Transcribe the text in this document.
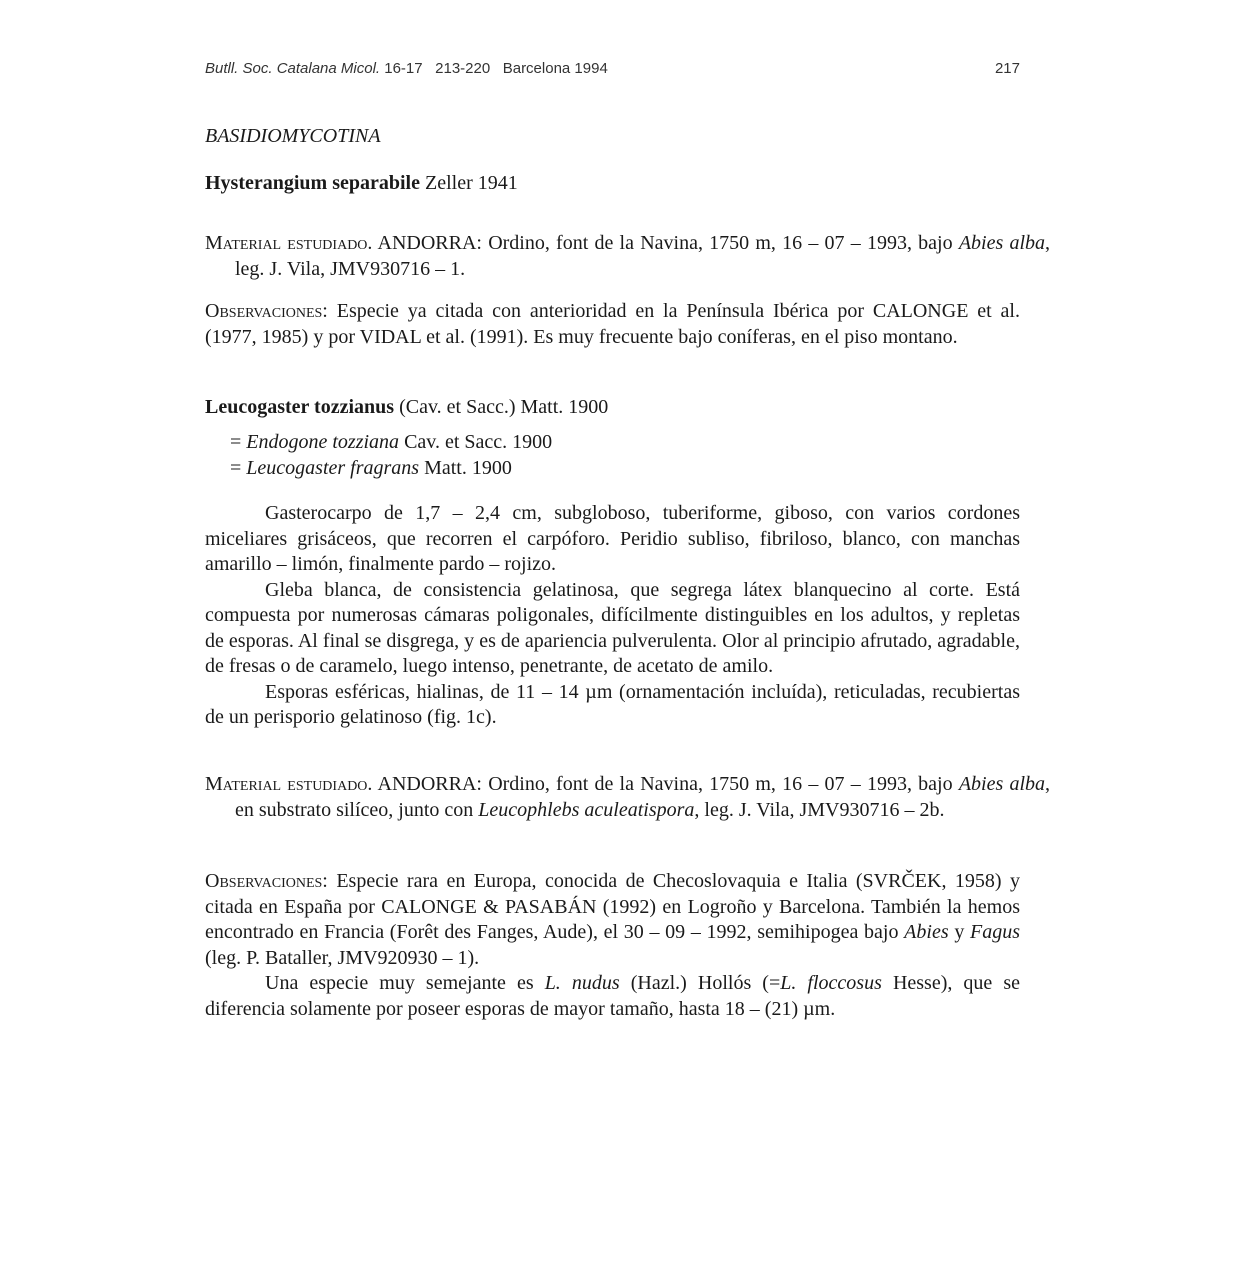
Butll. Soc. Catalana Micol. 16-17 213-220 Barcelona 1994	217
BASIDIOMYCOTINA
Hysterangium separabile Zeller 1941
Material estudiado. ANDORRA: Ordino, font de la Navina, 1750 m, 16 – 07 – 1993, bajo Abies alba, leg. J. Vila, JMV930716 – 1.
Observaciones: Especie ya citada con anterioridad en la Península Ibérica por CALONGE et al. (1977, 1985) y por VIDAL et al. (1991). Es muy frecuente bajo coníferas, en el piso montano.
Leucogaster tozzianus (Cav. et Sacc.) Matt. 1900
= Endogone tozziana Cav. et Sacc. 1900
= Leucogaster fragrans Matt. 1900

Gasterocarpo de 1,7 – 2,4 cm, subgloboso, tuberiforme, giboso, con varios cordones miceliares grisáceos, que recorren el carpóforo. Peridio subliso, fibriloso, blanco, con manchas amarillo – limón, finalmente pardo – rojizo.

Gleba blanca, de consistencia gelatinosa, que segrega látex blanquecino al corte. Está compuesta por numerosas cámaras poligonales, difícilmente distinguibles en los adultos, y repletas de esporas. Al final se disgrega, y es de apariencia pulverulenta. Olor al principio afrutado, agradable, de fresas o de caramelo, luego intenso, penetrante, de acetato de amilo.

Esporas esféricas, hialinas, de 11 – 14 µm (ornamentación incluída), reticuladas, recubiertas de un perisporio gelatinoso (fig. 1c).

Material estudiado. ANDORRA: Ordino, font de la Navina, 1750 m, 16 – 07 – 1993, bajo Abies alba, en substrato silíceo, junto con Leucophlebs aculeatispora, leg. J. Vila, JMV930716 – 2b.

Observaciones: Especie rara en Europa, conocida de Checoslovaquia e Italia (SVRČEK, 1958) y citada en España por CALONGE & PASABÁN (1992) en Logroño y Barcelona. También la hemos encontrado en Francia (Forêt des Fanges, Aude), el 30 – 09 – 1992, semihipogea bajo Abies y Fagus (leg. P. Bataller, JMV920930 – 1).

Una especie muy semejante es L. nudus (Hazl.) Hollós (=L. floccosus Hesse), que se diferencia solamente por poseer esporas de mayor tamaño, hasta 18 – (21) µm.
